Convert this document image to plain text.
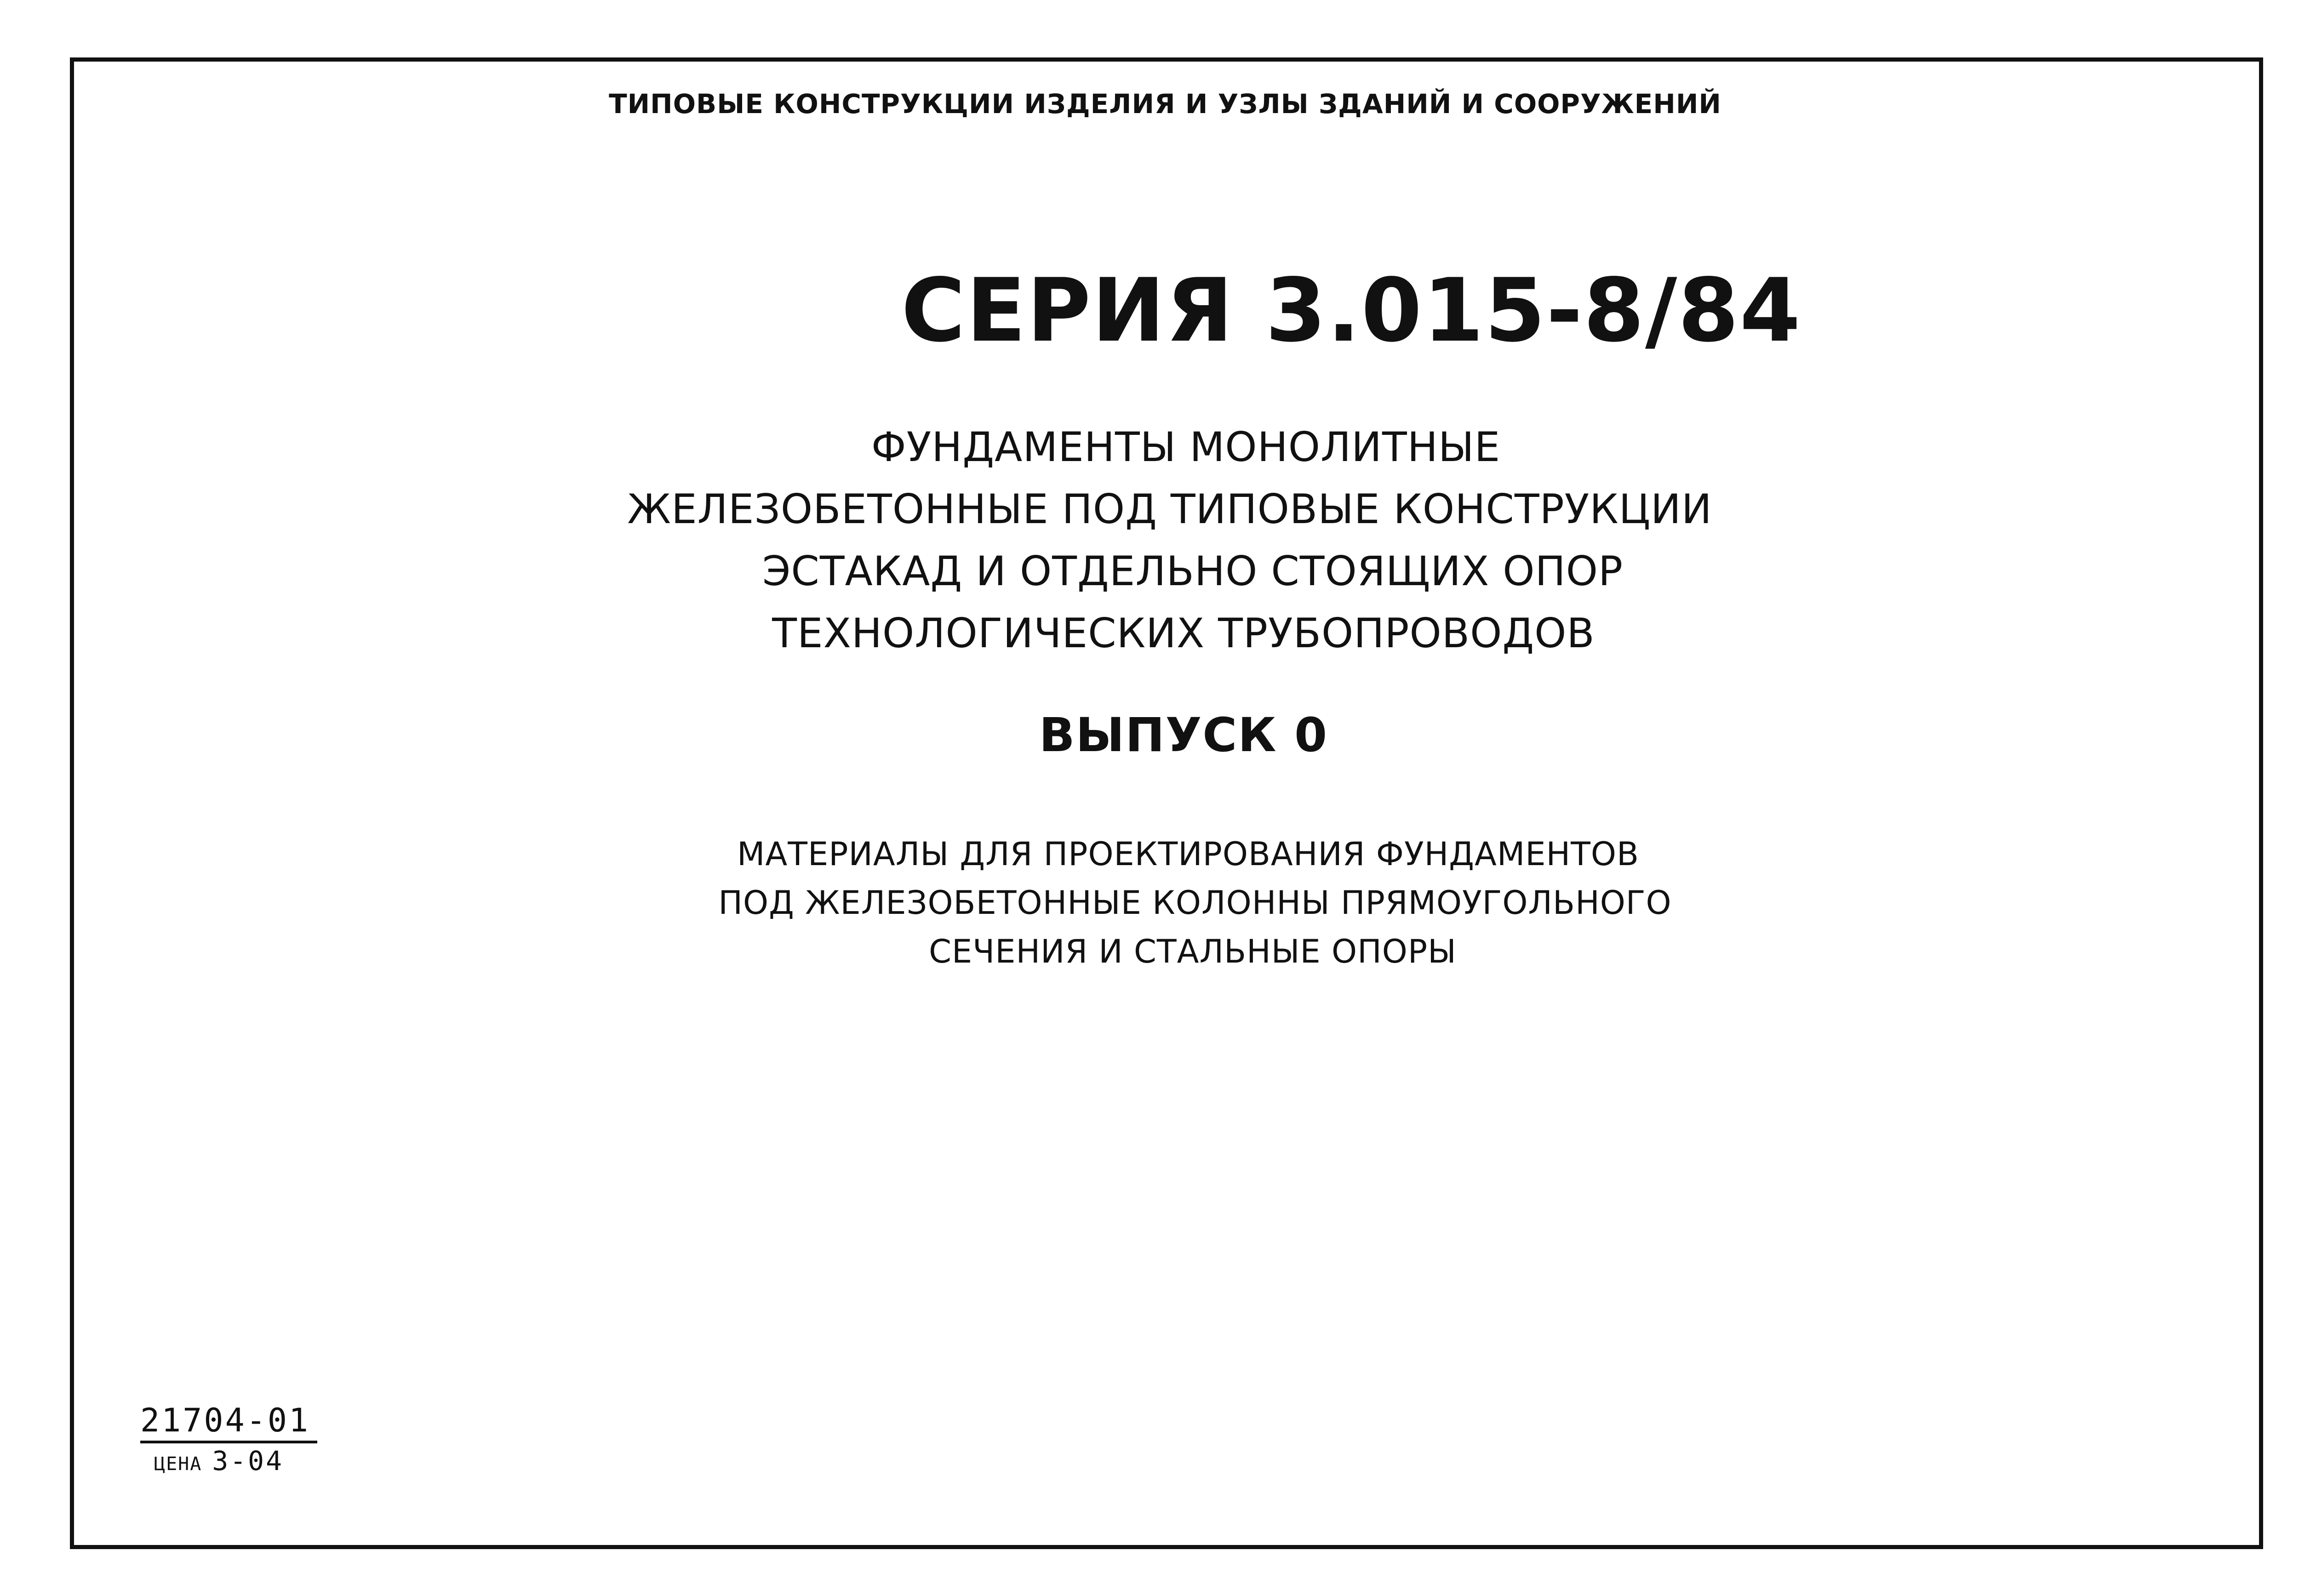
ТИПОВЫЕ КОНСТРУКЦИИ ИЗДЕЛИЯ И УЗЛЫ ЗДАНИЙ И СООРУЖЕНИЙ
СЕРИЯ 3.015-8/84
ФУНДАМЕНТЫ МОНОЛИТНЫЕ
ЖЕЛЕЗОБЕТОННЫЕ ПОД ТИПОВЫЕ КОНСТРУКЦИИ
ЭСТАКАД И ОТДЕЛЬНО СТОЯЩИХ ОПОР
ТЕХНОЛОГИЧЕСКИХ ТРУБОПРОВОДОВ
ВЫПУСК 0
МАТЕРИАЛЫ ДЛЯ ПРОЕКТИРОВАНИЯ ФУНДАМЕНТОВ
ПОД ЖЕЛЕЗОБЕТОННЫЕ КОЛОННЫ ПРЯМОУГОЛЬНОГО
СЕЧЕНИЯ И СТАЛЬНЫЕ ОПОРЫ
21704-01
ЦЕНА 3-04
